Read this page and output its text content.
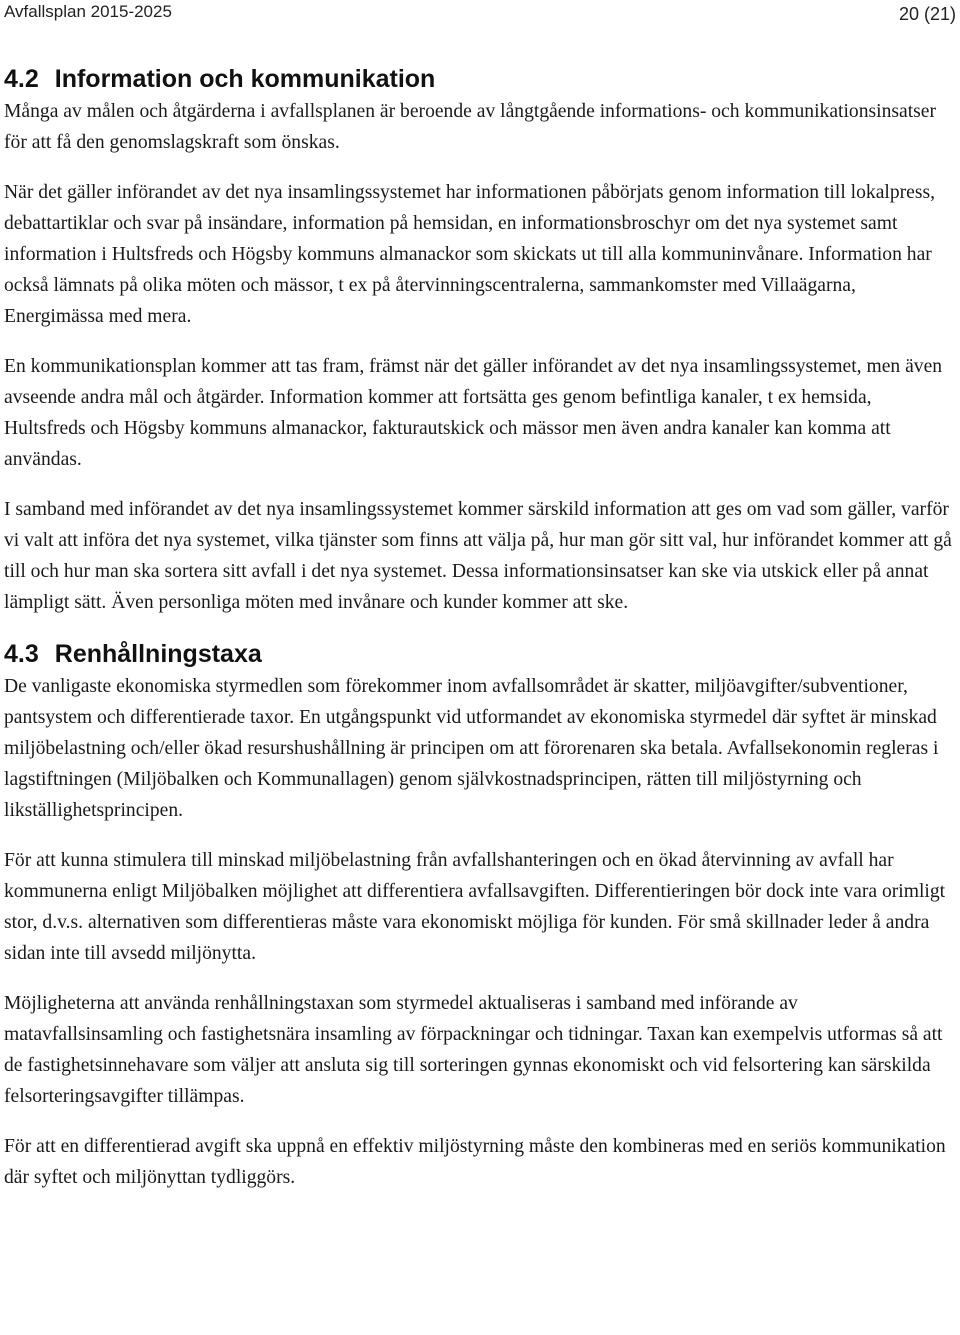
Avfallsplan 2015-2025	20 (21)
4.2 Information och kommunikation

Många av målen och åtgärderna i avfallsplanen är beroende av långtgående informations- och kommunikationsinsatser för att få den genomslagskraft som önskas.

När det gäller införandet av det nya insamlingssystemet har informationen påbörjats genom information till lokalpress, debattartiklar och svar på insändare, information på hemsidan, en informationsbroschyr om det nya systemet samt information i Hultsfreds och Högsby kommuns almanackor som skickats ut till alla kommuninvånare. Information har också lämnats på olika möten och mässor, t ex på återvinningscentralerna, sammankomster med Villaägarna, Energimässa med mera.

En kommunikationsplan kommer att tas fram, främst när det gäller införandet av det nya insamlingssystemet, men även avseende andra mål och åtgärder. Information kommer att fortsätta ges genom befintliga kanaler, t ex hemsida, Hultsfreds och Högsby kommuns almanackor, fakturautskick och mässor men även andra kanaler kan komma att användas.

I samband med införandet av det nya insamlingssystemet kommer särskild information att ges om vad som gäller, varför vi valt att införa det nya systemet, vilka tjänster som finns att välja på, hur man gör sitt val, hur införandet kommer att gå till och hur man ska sortera sitt avfall i det nya systemet. Dessa informationsinsatser kan ske via utskick eller på annat lämpligt sätt. Även personliga möten med invånare och kunder kommer att ske.

4.3 Renhållningstaxa

De vanligaste ekonomiska styrmedlen som förekommer inom avfallsområdet är skatter, miljöavgifter/subventioner, pantsystem och differentierade taxor. En utgångspunkt vid utformandet av ekonomiska styrmedel där syftet är minskad miljöbelastning och/eller ökad resurshushållning är principen om att förorenaren ska betala. Avfallsekonomin regleras i lagstiftningen (Miljöbalken och Kommunallagen) genom självkostnadsprincipen, rätten till miljöstyrning och likställighetsprincipen.

För att kunna stimulera till minskad miljöbelastning från avfallshanteringen och en ökad återvinning av avfall har kommunerna enligt Miljöbalken möjlighet att differentiera avfallsavgiften. Differentieringen bör dock inte vara orimligt stor, d.v.s. alternativen som differentieras måste vara ekonomiskt möjliga för kunden. För små skillnader leder å andra sidan inte till avsedd miljönytta.

Möjligheterna att använda renhållningstaxan som styrmedel aktualiseras i samband med införande av matavfallsinsamling och fastighetsnära insamling av förpackningar och tidningar. Taxan kan exempelvis utformas så att de fastighetsinnehavare som väljer att ansluta sig till sorteringen gynnas ekonomiskt och vid felsortering kan särskilda felsorteringsavgifter tillämpas.

För att en differentierad avgift ska uppnå en effektiv miljöstyrning måste den kombineras med en seriös kommunikation där syftet och miljönyttan tydliggörs.
